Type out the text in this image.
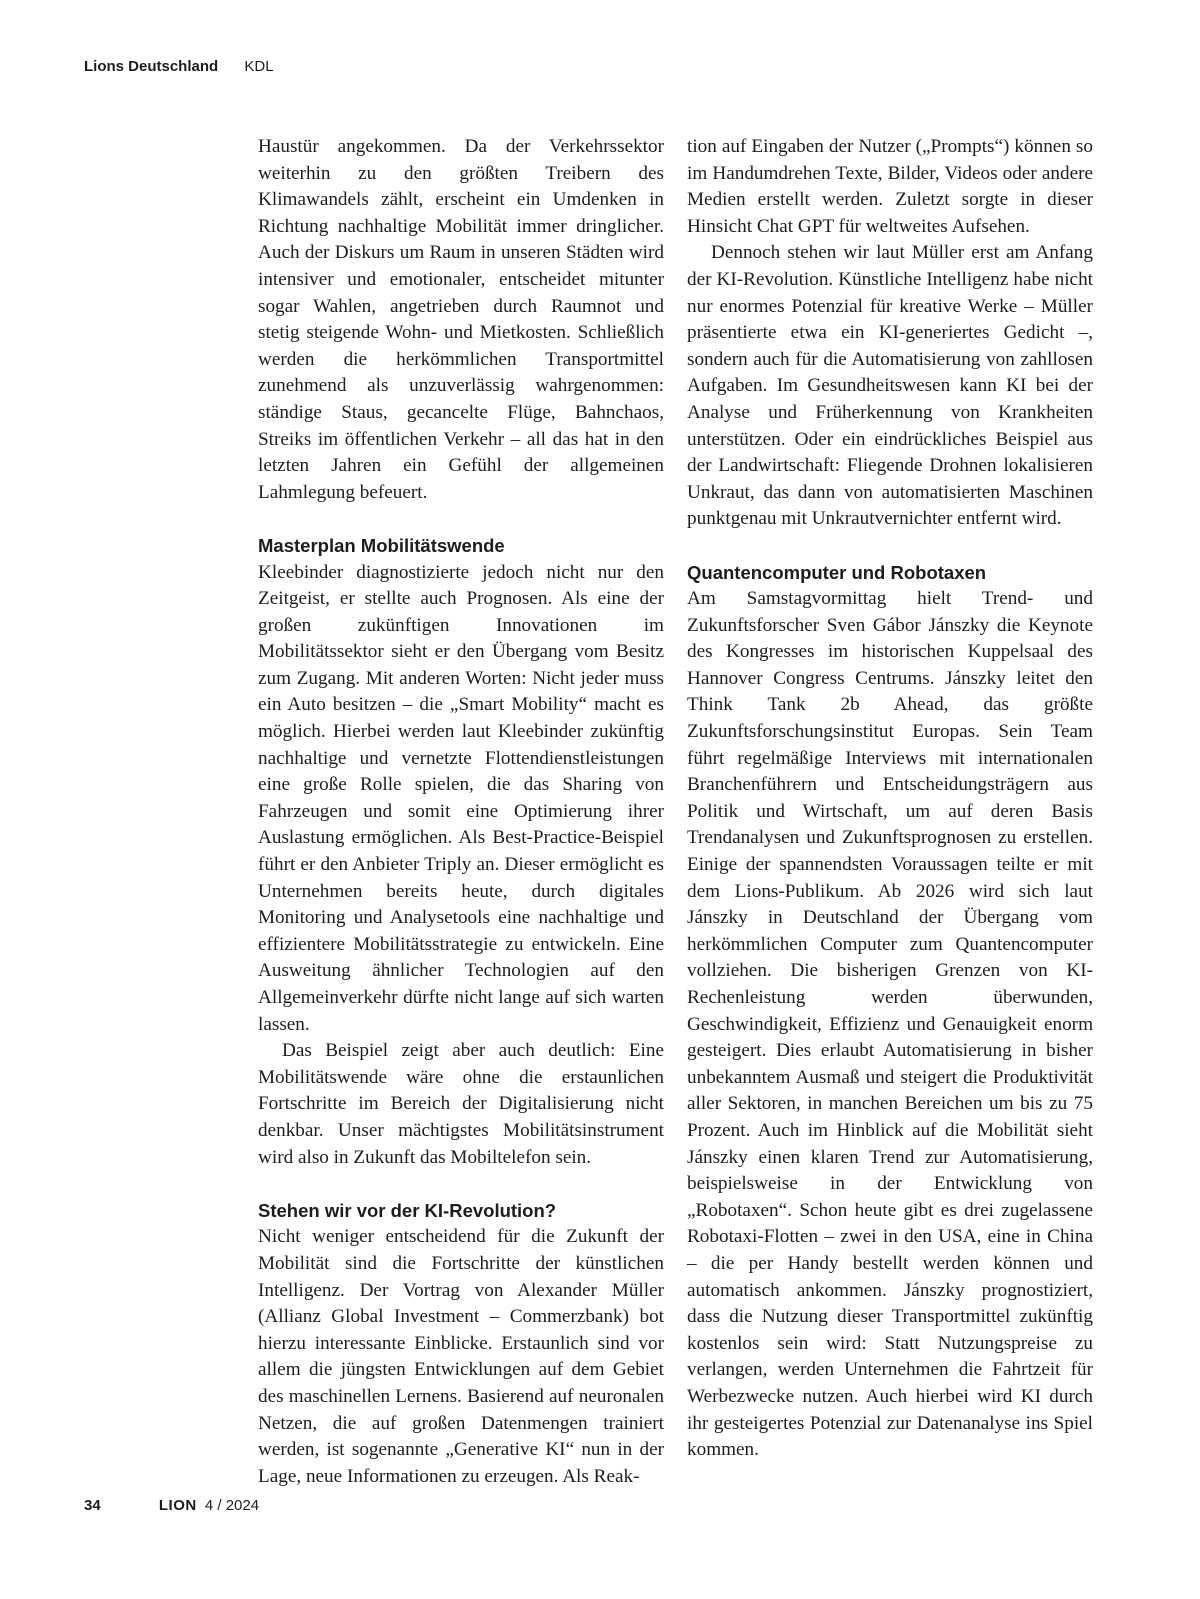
Lions Deutschland KDL

Haustür angekommen. Da der Verkehrssektor weiterhin zu den größten Treibern des Klimawandels zählt, erscheint ein Umdenken in Richtung nachhaltige Mobilität immer dringlicher. Auch der Diskurs um Raum in unseren Städten wird intensiver und emotionaler, entscheidet mitunter sogar Wahlen, angetrieben durch Raumnot und stetig steigende Wohn- und Mietkosten. Schließlich werden die herkömmlichen Transportmittel zunehmend als unzuverlässig wahrgenommen: ständige Staus, gecancelte Flüge, Bahnchaos, Streiks im öffentlichen Verkehr – all das hat in den letzten Jahren ein Gefühl der allgemeinen Lahmlegung befeuert.

Masterplan Mobilitätswende

Kleebinder diagnostizierte jedoch nicht nur den Zeitgeist, er stellte auch Prognosen. Als eine der großen zukünftigen Innovationen im Mobilitätssektor sieht er den Übergang vom Besitz zum Zugang. Mit anderen Worten: Nicht jeder muss ein Auto besitzen – die „Smart Mobility“ macht es möglich. Hierbei werden laut Kleebinder zukünftig nachhaltige und vernetzte Flottendienstleistungen eine große Rolle spielen, die das Sharing von Fahrzeugen und somit eine Optimierung ihrer Auslastung ermöglichen. Als Best-Practice-Beispiel führt er den Anbieter Triply an. Dieser ermöglicht es Unternehmen bereits heute, durch digitales Monitoring und Analysetools eine nachhaltige und effizientere Mobilitätsstrategie zu entwickeln. Eine Ausweitung ähnlicher Technologien auf den Allgemeinverkehr dürfte nicht lange auf sich warten lassen.

Das Beispiel zeigt aber auch deutlich: Eine Mobilitätswende wäre ohne die erstaunlichen Fortschritte im Bereich der Digitalisierung nicht denkbar. Unser mächtigstes Mobilitätsinstrument wird also in Zukunft das Mobiltelefon sein.

Stehen wir vor der KI-Revolution?

Nicht weniger entscheidend für die Zukunft der Mobilität sind die Fortschritte der künstlichen Intelligenz. Der Vortrag von Alexander Müller (Allianz Global Investment – Commerzbank) bot hierzu interessante Einblicke. Erstaunlich sind vor allem die jüngsten Entwicklungen auf dem Gebiet des maschinellen Lernens. Basierend auf neuronalen Netzen, die auf großen Datenmengen trainiert werden, ist sogenannte „Generative KI“ nun in der Lage, neue Informationen zu erzeugen. Als Reak-

tion auf Eingaben der Nutzer („Prompts“) können so im Handumdrehen Texte, Bilder, Videos oder andere Medien erstellt werden. Zuletzt sorgte in dieser Hinsicht Chat GPT für weltweites Aufsehen.

Dennoch stehen wir laut Müller erst am Anfang der KI-Revolution. Künstliche Intelligenz habe nicht nur enormes Potenzial für kreative Werke – Müller präsentierte etwa ein KI-generiertes Gedicht –, sondern auch für die Automatisierung von zahllosen Aufgaben. Im Gesundheitswesen kann KI bei der Analyse und Früherkennung von Krankheiten unterstützen. Oder ein eindrückliches Beispiel aus der Landwirtschaft: Fliegende Drohnen lokalisieren Unkraut, das dann von automatisierten Maschinen punktgenau mit Unkrautvernichter entfernt wird.

Quantencomputer und Robotaxen

Am Samstagvormittag hielt Trend- und Zukunftsforscher Sven Gábor Jánszky die Keynote des Kongresses im historischen Kuppelsaal des Hannover Congress Centrums. Jánszky leitet den Think Tank 2b Ahead, das größte Zukunftsforschungsinstitut Europas. Sein Team führt regelmäßige Interviews mit internationalen Branchenführern und Entscheidungsträgern aus Politik und Wirtschaft, um auf deren Basis Trendanalysen und Zukunftsprognosen zu erstellen. Einige der spannendsten Voraussagen teilte er mit dem Lions-Publikum. Ab 2026 wird sich laut Jánszky in Deutschland der Übergang vom herkömmlichen Computer zum Quantencomputer vollziehen. Die bisherigen Grenzen von KI-Rechenleistung werden überwunden, Geschwindigkeit, Effizienz und Genauigkeit enorm gesteigert. Dies erlaubt Automatisierung in bisher unbekanntem Ausmaß und steigert die Produktivität aller Sektoren, in manchen Bereichen um bis zu 75 Prozent. Auch im Hinblick auf die Mobilität sieht Jánszky einen klaren Trend zur Automatisierung, beispielsweise in der Entwicklung von „Robotaxen“. Schon heute gibt es drei zugelassene Robotaxi-Flotten – zwei in den USA, eine in China – die per Handy bestellt werden können und automatisch ankommen. Jánszky prognostiziert, dass die Nutzung dieser Transportmittel zukünftig kostenlos sein wird: Statt Nutzungspreise zu verlangen, werden Unternehmen die Fahrtzeit für Werbezwecke nutzen. Auch hierbei wird KI durch ihr gesteigertes Potenzial zur Datenanalyse ins Spiel kommen.

34	LION 4 / 2024
